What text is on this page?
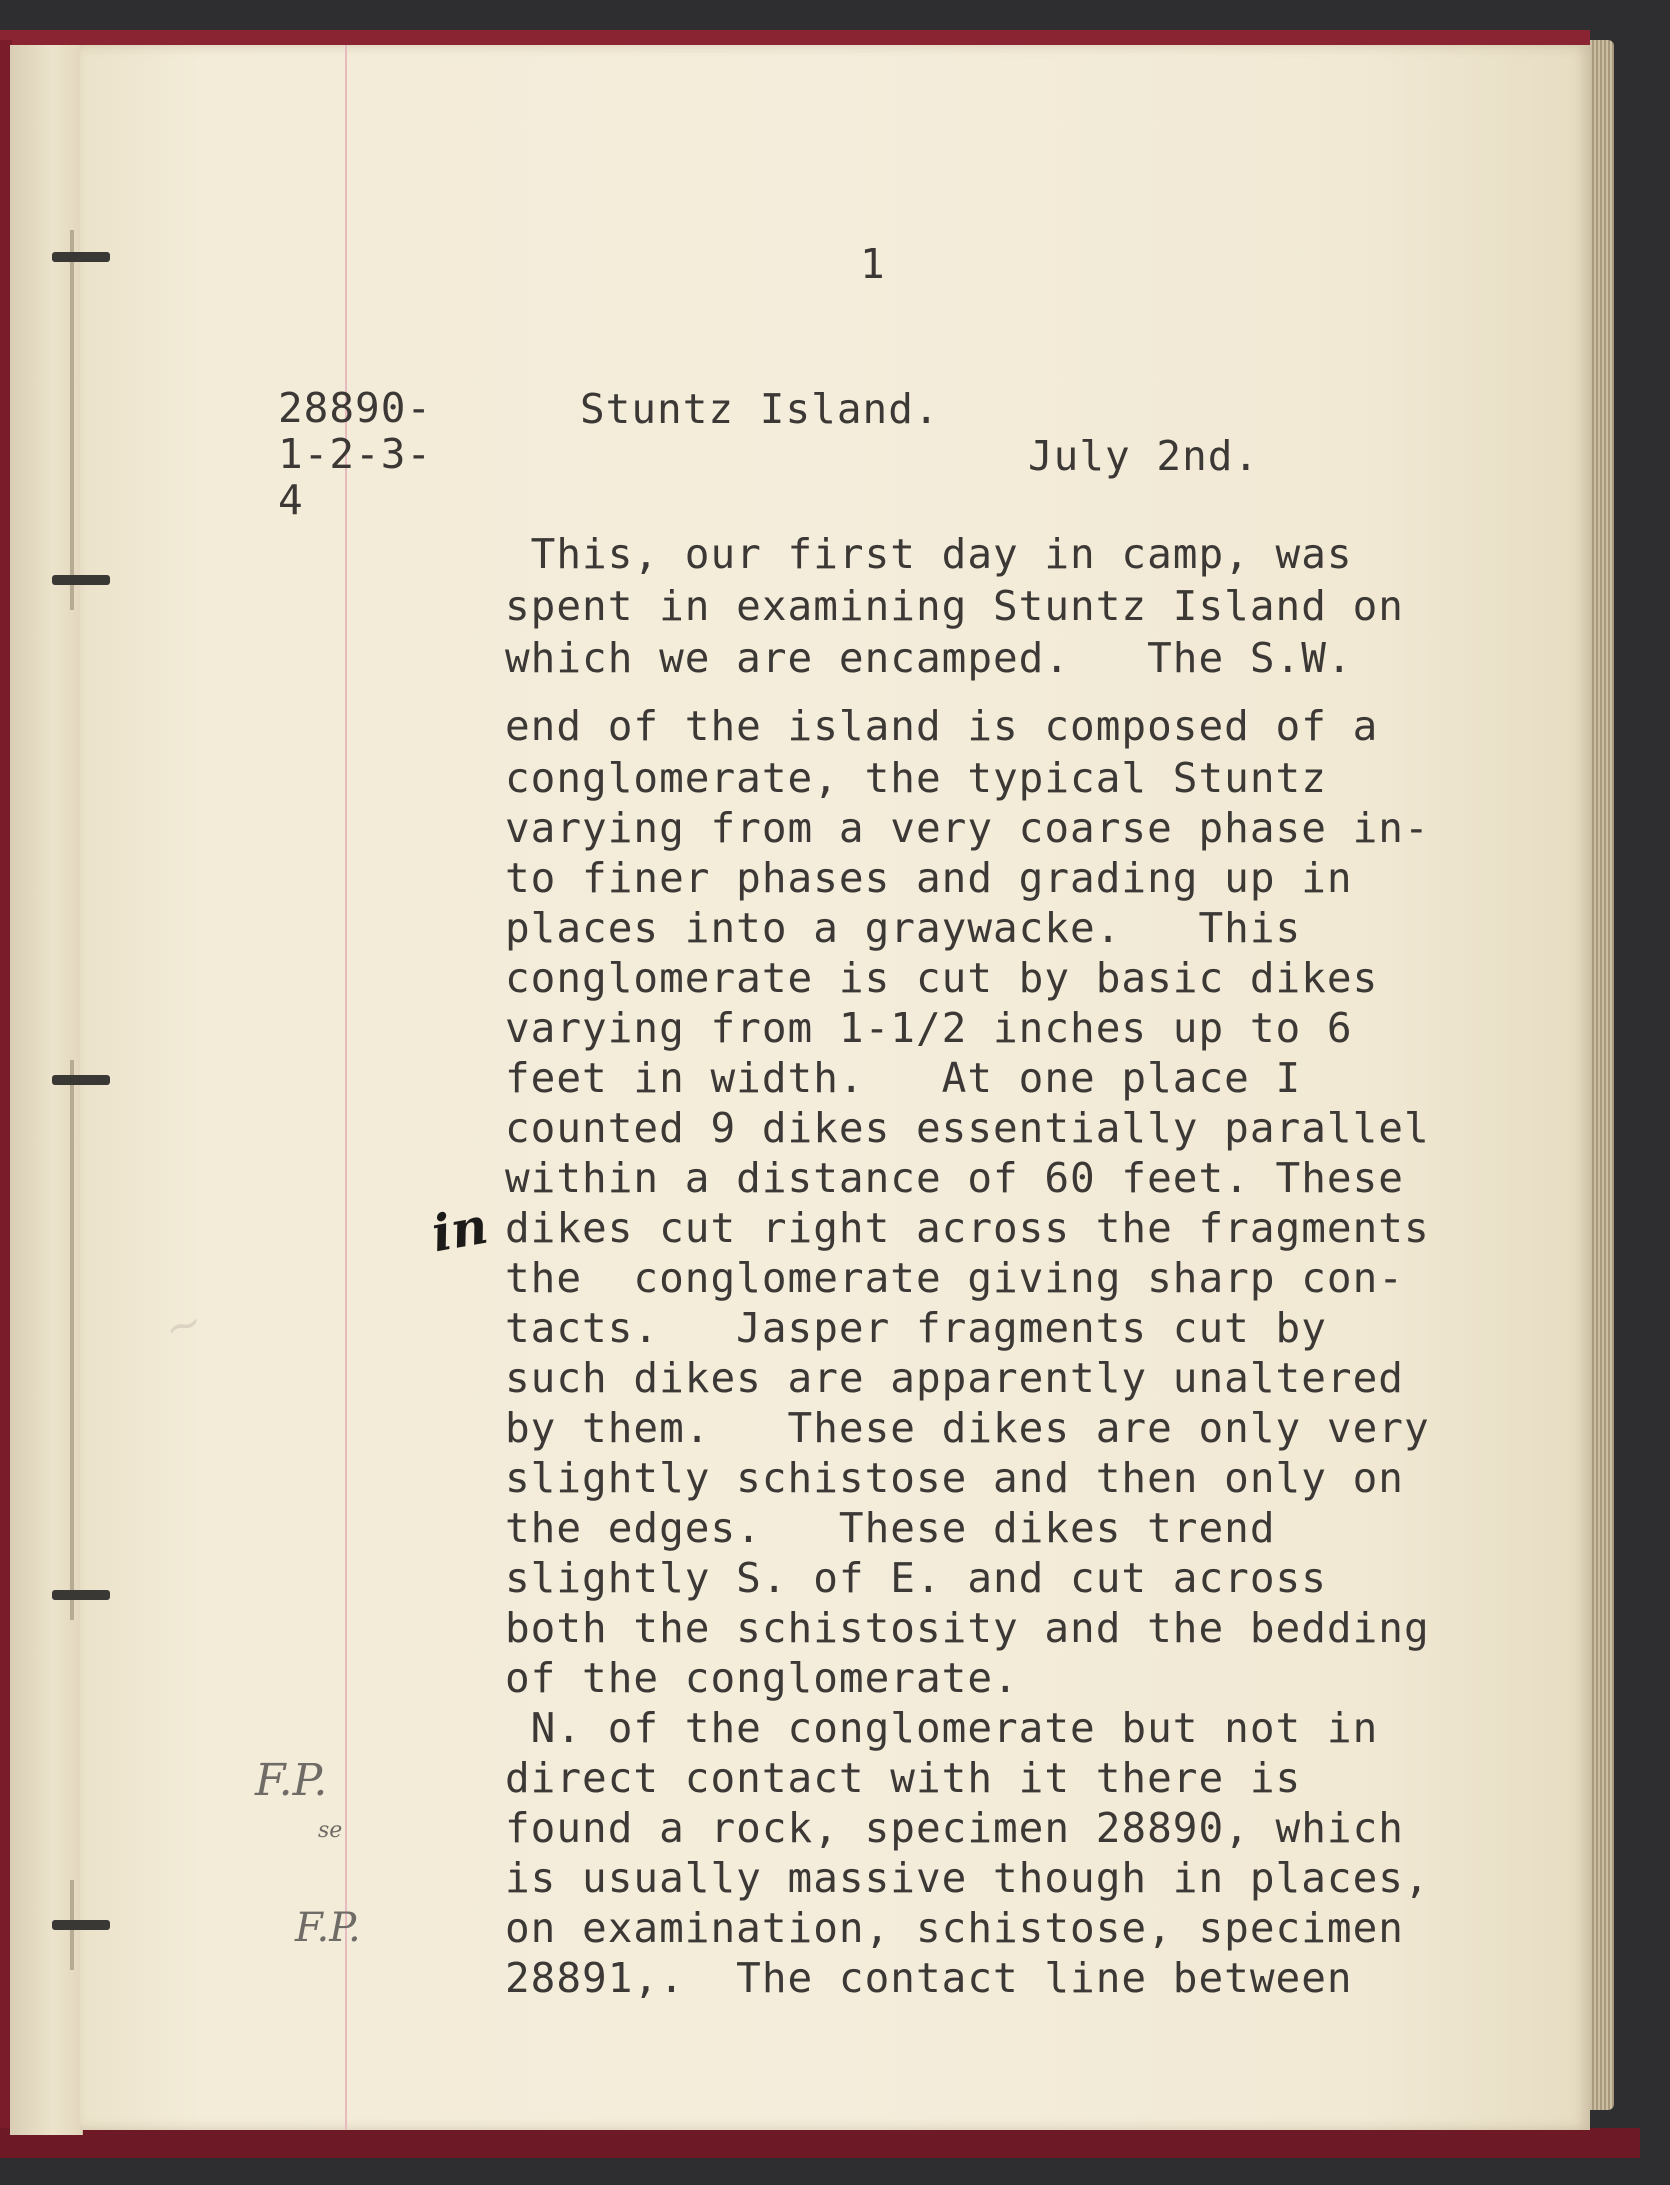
1
28890-
1-2-3-
4
Stuntz Island.
July 2nd.
This, our first day in camp, was
spent in examining Stuntz Island on
which we are encamped.   The S.W.
end of the island is composed of a
conglomerate, the typical Stuntz
varying from a very coarse phase in-
to finer phases and grading up in
places into a graywacke.   This
conglomerate is cut by basic dikes
varying from 1-1/2 inches up to 6
feet in width.   At one place I
counted 9 dikes essentially parallel
within a distance of 60 feet. These
dikes cut right across the fragments
the  conglomerate giving sharp con-
tacts.   Jasper fragments cut by
such dikes are apparently unaltered
by them.   These dikes are only very
slightly schistose and then only on
the edges.   These dikes trend
slightly S. of E. and cut across
both the schistosity and the bedding
of the conglomerate.
N. of the conglomerate but not in
direct contact with it there is
found a rock, specimen 28890, which
is usually massive though in places,
on examination, schistose, specimen
28891,.  The contact line between
~
in
F.P.
se
F.P.
